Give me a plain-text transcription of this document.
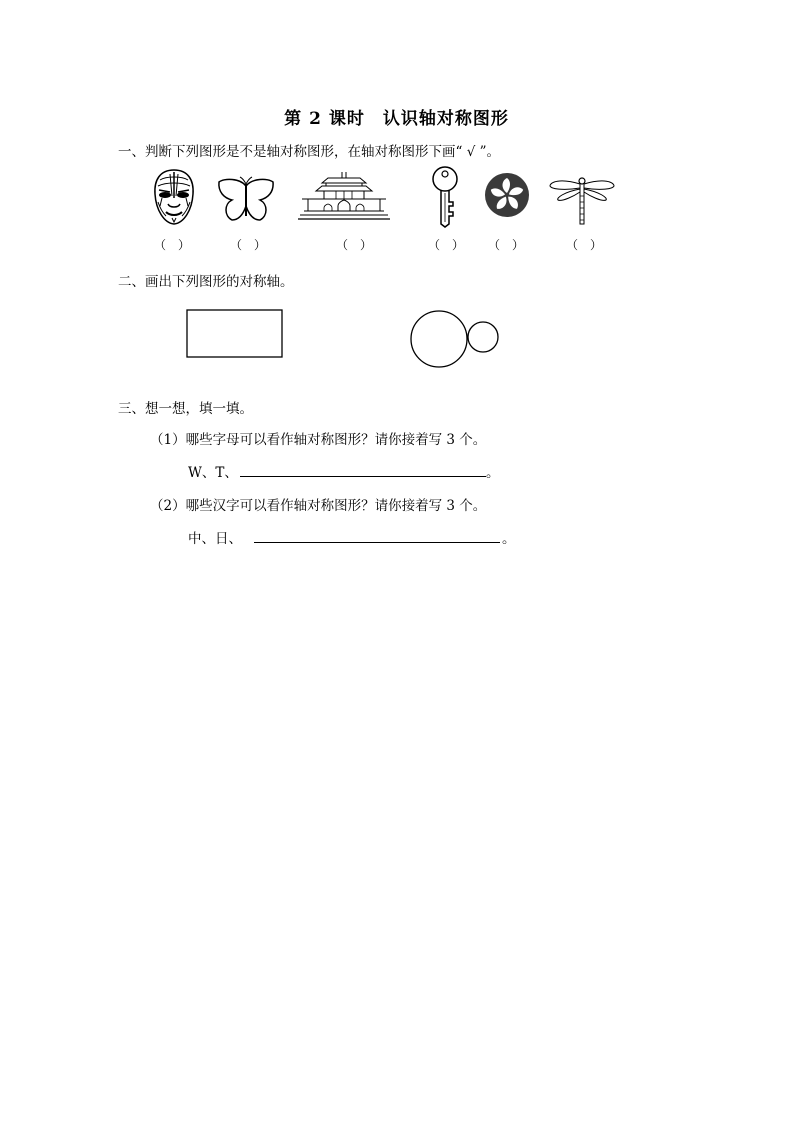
第 2 课时　认识轴对称图形
一、判断下列图形是不是轴对称图形，在轴对称图形下画“ √ ”。
（　）	（　）	（　）	（　） （　）	（　）
二、画出下列图形的对称轴。
三、想一想，填一填。
（1）哪些字母可以看作轴对称图形？请你接着写 3 个。
W、T、	。
（2）哪些汉字可以看作轴对称图形？请你接着写 3 个。
中、日、	。
